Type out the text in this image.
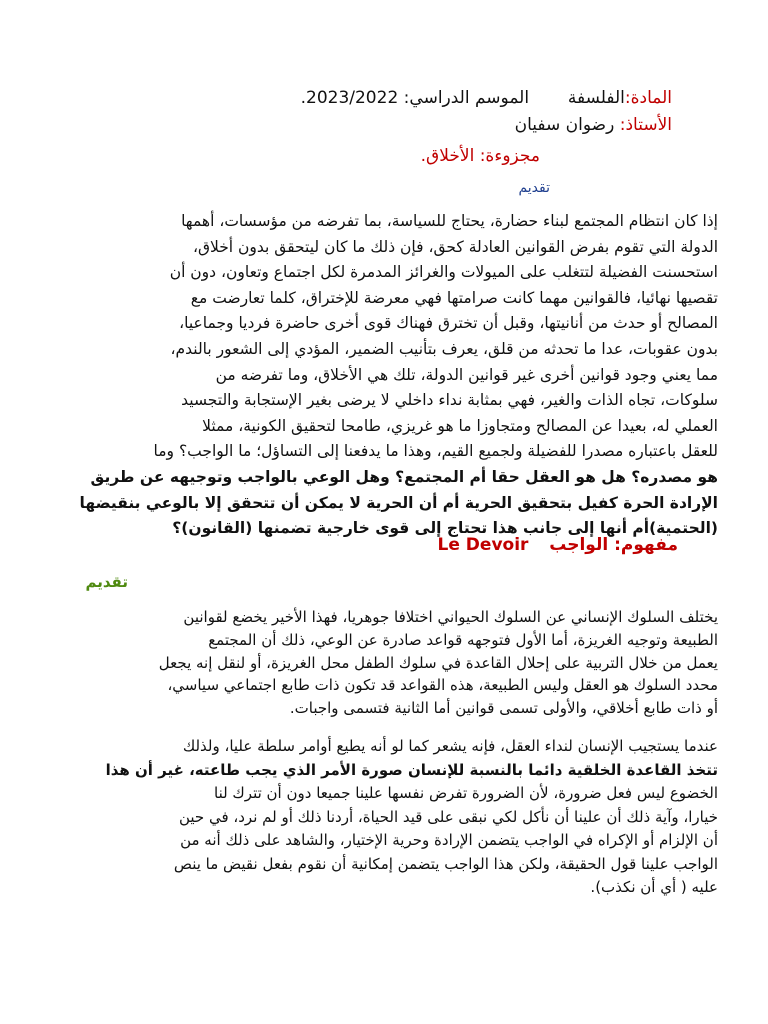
المادة:الفلسفة  الموسم الدراسي: 2023/2022.
الأستاذ: رضوان سفيان
مجزوءة: الأخلاق.
تقديم
إذا كان انتظام المجتمع لبناء حضارة، يحتاج للسياسة، بما تفرضه من مؤسسات، أهمها
الدولة التي تقوم بفرض القوانين العادلة كحق، فإن ذلك ما كان ليتحقق بدون أخلاق،
استحسنت الفضيلة لتتغلب على الميولات والغرائز المدمرة لكل اجتماع وتعاون، دون أن
تقصيها نهائيا، فالقوانين مهما كانت صرامتها فهي معرضة للإختراق، كلما تعارضت مع
المصالح أو حدث من أنانيتها، وقبل أن تخترق فهناك قوى أخرى حاضرة فرديا وجماعيا،
بدون عقوبات، عدا ما تحدثه من قلق، يعرف بتأنيب الضمير، المؤدي إلى الشعور بالندم،
مما يعني وجود قوانين أخرى غير قوانين الدولة، تلك هي الأخلاق، وما تفرضه من
سلوكات، تجاه الذات والغير، فهي بمثابة نداء داخلي لا يرضى بغير الإستجابة والتجسيد
العملي له، بعيدا عن المصالح ومتجاوزا ما هو غريزي، طامحا لتحقيق الكونية، ممثلا
للعقل باعتباره مصدرا للفضيلة ولجميع القيم، وهذا ما يدفعنا إلى التساؤل؛ ما الواجب؟ وما
هو مصدره؟ هل هو العقل حقا أم المجتمع؟ وهل الوعي بالواجب وتوجيهه عن طريق
الإرادة الحرة كفيل بتحقيق الحرية أم أن الحرية لا يمكن أن تتحقق إلا بالوعي بنقيضها
(الحتمية)أم أنها إلى جانب هذا تحتاج إلى قوى خارجية تضمنها (القانون)؟
مفهوم: الواجب  Le Devoir
تقديم
يختلف السلوك الإنساني عن السلوك الحيواني اختلافا جوهريا، فهذا الأخير يخضع لقوانين
الطبيعة وتوجيه الغريزة، أما الأول فتوجهه قواعد صادرة عن الوعي، ذلك أن المجتمع
يعمل من خلال التربية على إحلال القاعدة في سلوك الطفل محل الغريزة، أو لنقل إنه يجعل
محدد السلوك هو العقل وليس الطبيعة، هذه القواعد قد تكون ذات طابع اجتماعي سياسي،
أو ذات طابع أخلاقي، والأولى تسمى قوانين أما الثانية فتسمى واجبات.
عندما يستجيب الإنسان لنداء العقل، فإنه يشعر كما لو أنه يطيع أوامر سلطة عليا، ولذلك
تتخذ القاعدة الخلقية دائما بالنسبة للإنسان صورة الأمر الذي يجب طاعته، غير أن هذا
الخضوع ليس فعل ضرورة، لأن الضرورة تفرض نفسها علينا جميعا دون أن تترك لنا
خيارا، وآية ذلك أن علينا أن نأكل لكي نبقى على قيد الحياة، أردنا ذلك أو لم نرد، في حين
أن الإلزام أو الإكراه في الواجب يتضمن الإرادة وحرية الإختيار، والشاهد على ذلك أنه من
الواجب علينا قول الحقيقة، ولكن هذا الواجب يتضمن إمكانية أن نقوم بفعل نقيض ما ينص
عليه ( أي أن نكذب).
